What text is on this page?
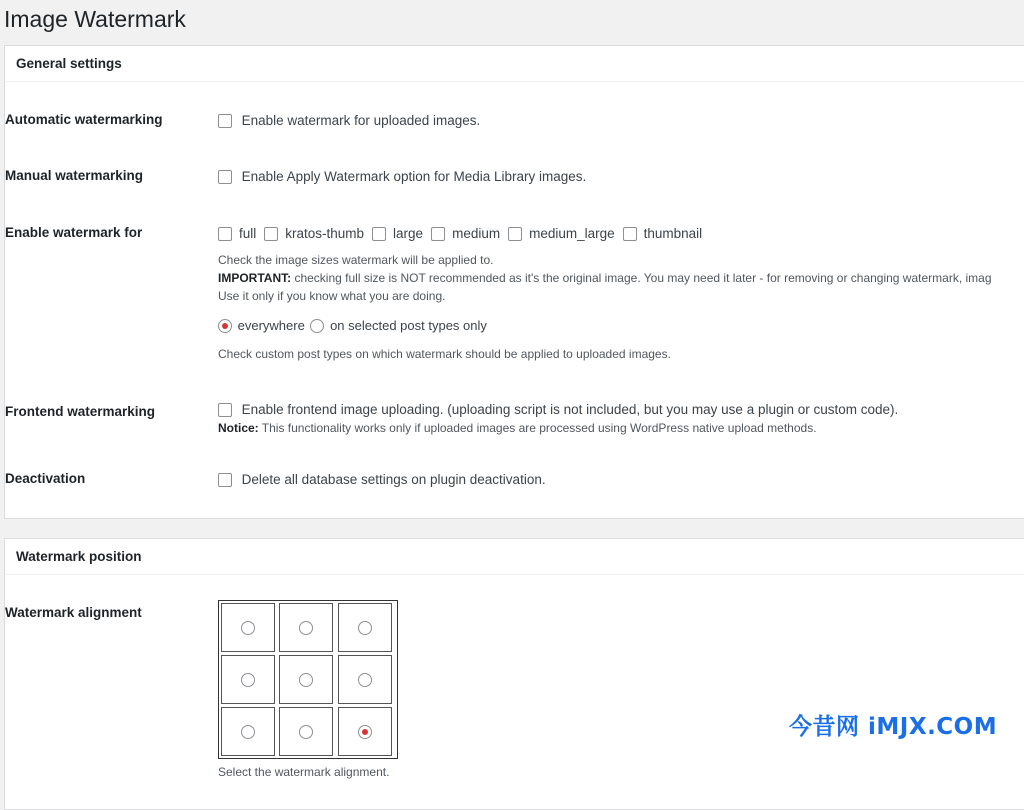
Image Watermark
General settings
Automatic watermarking	Enable watermark for uploaded images.
Manual watermarking	Enable Apply Watermark option for Media Library images.
Enable watermark for	full kratos-thumb large medium medium_large thumbnail
Check the image sizes watermark will be applied to.
IMPORTANT: checking full size is NOT recommended as it's the original image. You may need it later - for removing or changing watermark, imag
Use it only if you know what you are doing.
everywhere on selected post types only
Check custom post types on which watermark should be applied to uploaded images.
Frontend watermarking	Enable frontend image uploading. (uploading script is not included, but you may use a plugin or custom code).
Notice: This functionality works only if uploaded images are processed using WordPress native upload methods.
Deactivation	Delete all database settings on plugin deactivation.
Watermark position
Watermark alignment
Select the watermark alignment.
今昔网 iMJX.COM
